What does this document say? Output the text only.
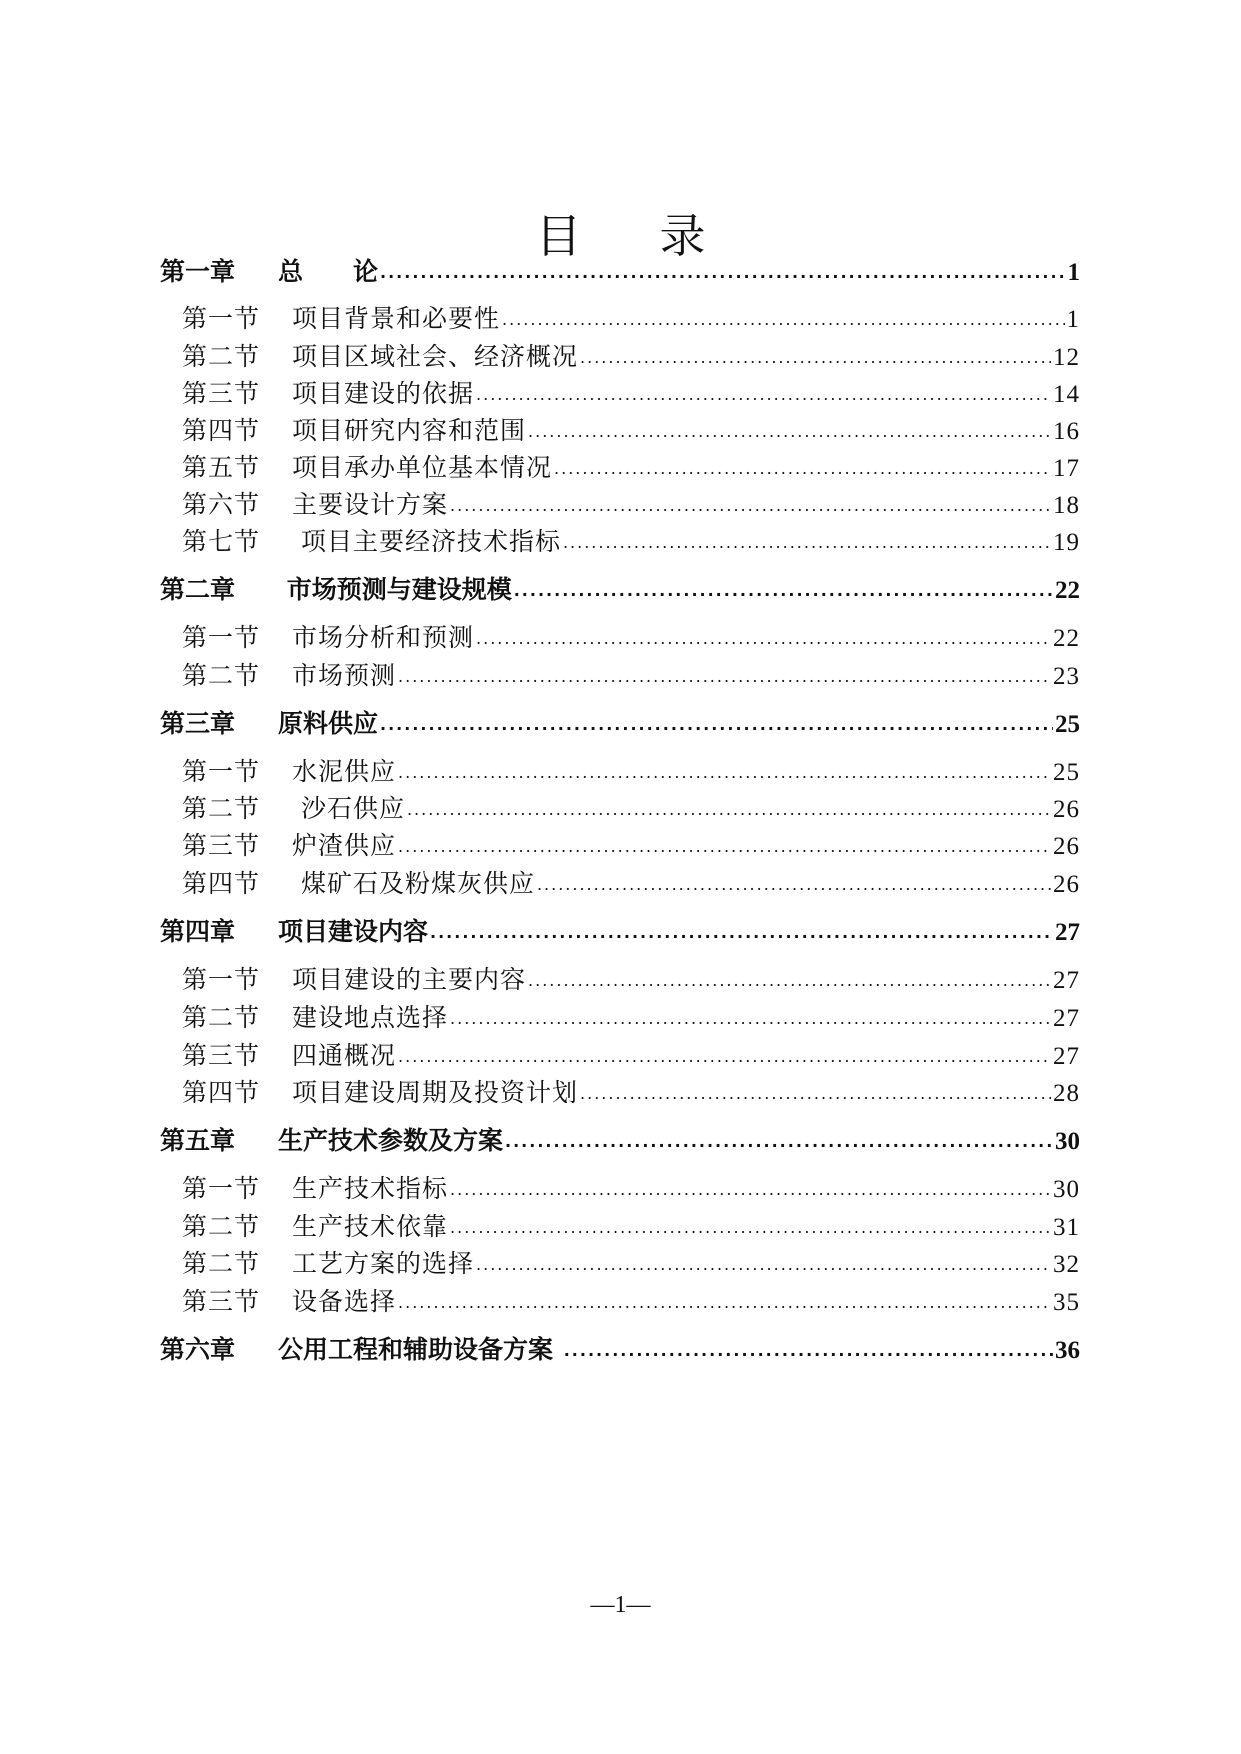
目 录
第一章 总　　论 .....	1
第一节 项目背景和必要性 .....	1
第二节 项目区域社会、经济概况 .....	12
第三节 项目建设的依据 .....	14
第四节 项目研究内容和范围 .....	16
第五节 项目承办单位基本情况 .....	17
第六节 主要设计方案 .....	18
第七节 项目主要经济技术指标 .....	19
第二章 市场预测与建设规模 .....	22
第一节 市场分析和预测 .....	22
第二节 市场预测 .....	23
第三章 原料供应 .....	25
第一节 水泥供应 .....	25
第二节 沙石供应 .....	26
第三节 炉渣供应 .....	26
第四节 煤矿石及粉煤灰供应 .....	26
第四章 项目建设内容 .....	27
第一节 项目建设的主要内容 .....	27
第二节 建设地点选择 .....	27
第三节 四通概况 .....	27
第四节 项目建设周期及投资计划 .....	28
第五章 生产技术参数及方案 .....	30
第一节 生产技术指标 .....	30
第二节 生产技术依靠 .....	31
第二节 工艺方案的选择 .....	32
第三节 设备选择 .....	35
第六章 公用工程和辅助设备方案 .....	36
—1—
